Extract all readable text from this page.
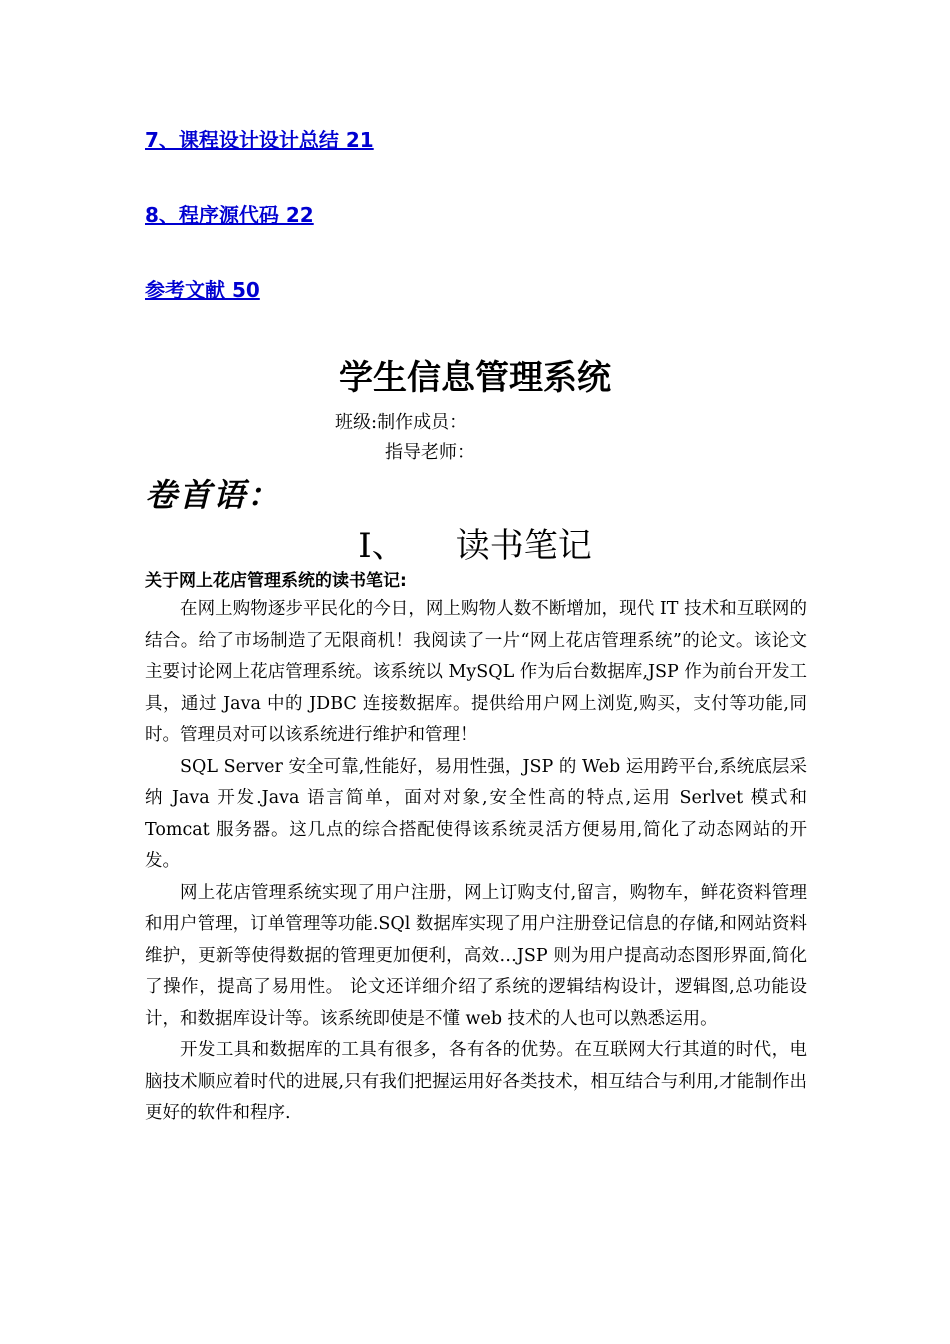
7、课程设计设计总结 21
8、程序源代码 22
参考文献 50
学生信息管理系统
班级:制作成员：
指导老师：
卷首语：
I、 读书笔记
关于网上花店管理系统的读书笔记:

在网上购物逐步平民化的今日，网上购物人数不断增加，现代 IT 技术和互联网的结合。给了市场制造了无限商机！我阅读了一片“网上花店管理系统”的论文。该论文主要讨论网上花店管理系统。该系统以 MySQL 作为后台数据库,JSP 作为前台开发工具，通过 Java 中的 JDBC 连接数据库。提供给用户网上浏览,购买，支付等功能,同时。管理员对可以该系统进行维护和管理！

SQL Server 安全可靠,性能好，易用性强，JSP 的 Web 运用跨平台,系统底层采纳 Java 开发.Java 语言简单，面对对象,安全性高的特点,运用 Serlvet 模式和 Tomcat 服务器。这几点的综合搭配使得该系统灵活方便易用,简化了动态网站的开发。

网上花店管理系统实现了用户注册，网上订购支付,留言，购物车，鲜花资料管理和用户管理，订单管理等功能.SQl 数据库实现了用户注册登记信息的存储,和网站资料维护，更新等使得数据的管理更加便利，高效…JSP 则为用户提高动态图形界面,简化了操作，提高了易用性。 论文还详细介绍了系统的逻辑结构设计，逻辑图,总功能设计，和数据库设计等。该系统即使是不懂 web 技术的人也可以熟悉运用。

开发工具和数据库的工具有很多，各有各的优势。在互联网大行其道的时代，电脑技术顺应着时代的进展,只有我们把握运用好各类技术，相互结合与利用,才能制作出更好的软件和程序.
